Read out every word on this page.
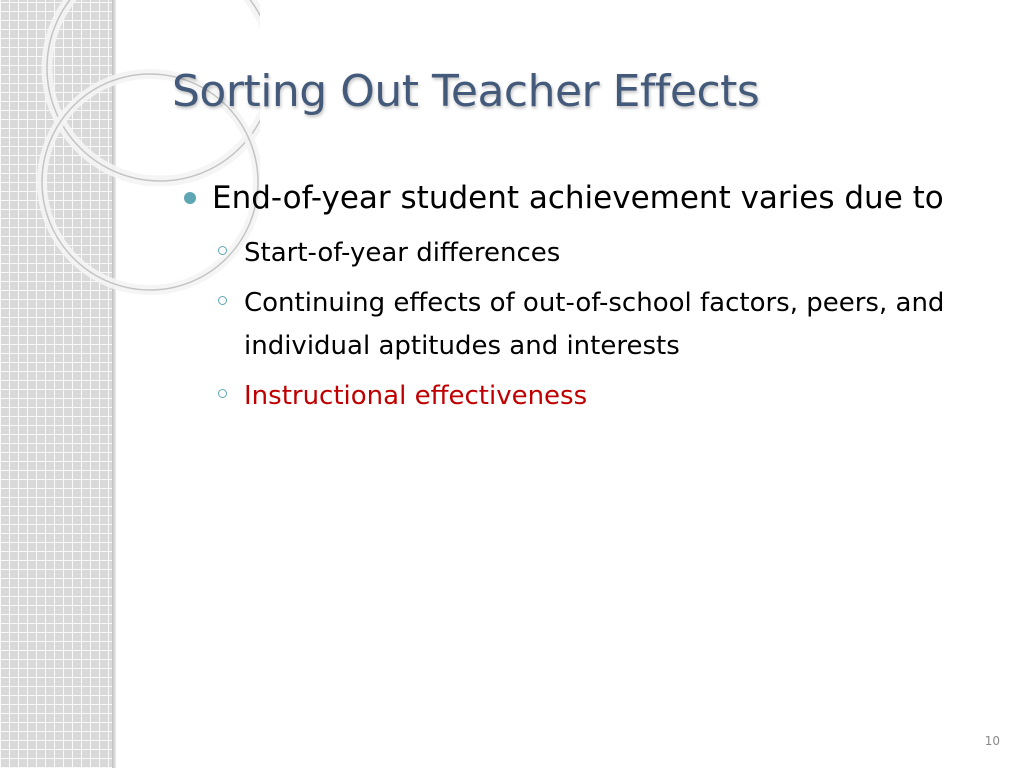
Sorting Out Teacher Effects
End-of-year student achievement varies due to
Start-of-year differences
Continuing effects of out-of-school factors, peers, and individual aptitudes and interests
Instructional effectiveness
10
